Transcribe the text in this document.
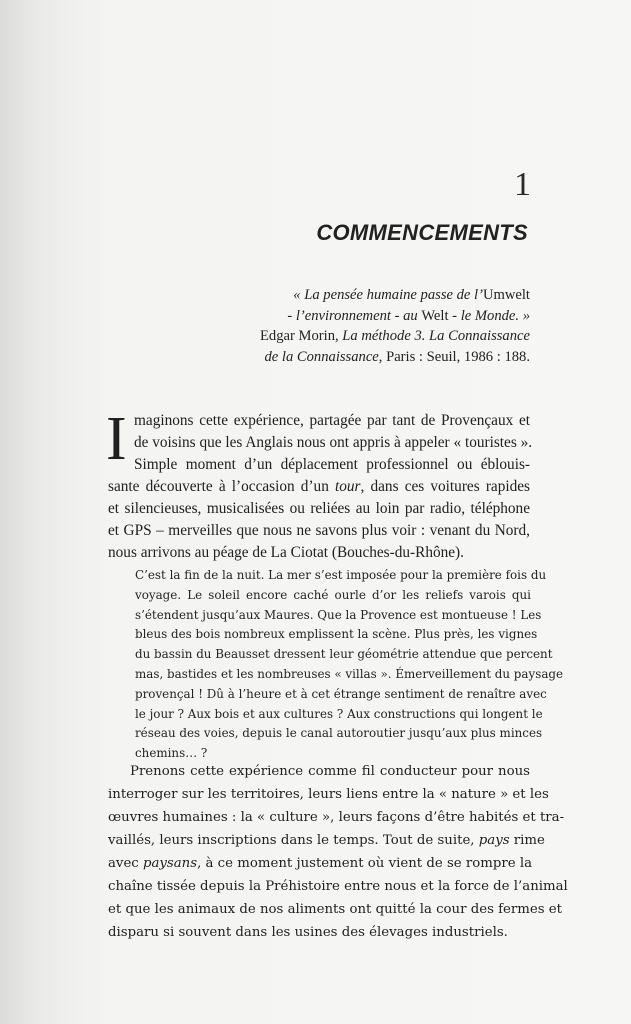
1
COMMENCEMENTS
« La pensée humaine passe de l’Umwelt
- l’environnement - au Welt - le Monde. »
Edgar Morin, La méthode 3. La Connaissance
de la Connaissance, Paris : Seuil, 1986 : 188.
I maginons cette expérience, partagée par tant de Provençaux et
de voisins que les Anglais nous ont appris à appeler « touristes ».
Simple moment d’un déplacement professionnel ou éblouis-
sante découverte à l’occasion d’un tour, dans ces voitures rapides
et silencieuses, musicalisées ou reliées au loin par radio, téléphone
et GPS – merveilles que nous ne savons plus voir : venant du Nord,
nous arrivons au péage de La Ciotat (Bouches-du-Rhône).
C’est la fin de la nuit. La mer s’est imposée pour la première fois du
voyage. Le soleil encore caché ourle d’or les reliefs varois qui
s’étendent jusqu’aux Maures. Que la Provence est montueuse ! Les
bleus des bois nombreux emplissent la scène. Plus près, les vignes
du bassin du Beausset dressent leur géométrie attendue que percent
mas, bastides et les nombreuses « villas ». Émerveillement du paysage
provençal ! Dû à l’heure et à cet étrange sentiment de renaître avec
le jour ? Aux bois et aux cultures ? Aux constructions qui longent le
réseau des voies, depuis le canal autoroutier jusqu’aux plus minces
chemins… ?
Prenons cette expérience comme fil conducteur pour nous
interroger sur les territoires, leurs liens entre la « nature » et les
œuvres humaines : la « culture », leurs façons d’être habités et tra-
vaillés, leurs inscriptions dans le temps. Tout de suite, pays rime
avec paysans, à ce moment justement où vient de se rompre la
chaîne tissée depuis la Préhistoire entre nous et la force de l’animal
et que les animaux de nos aliments ont quitté la cour des fermes et
disparu si souvent dans les usines des élevages industriels.
